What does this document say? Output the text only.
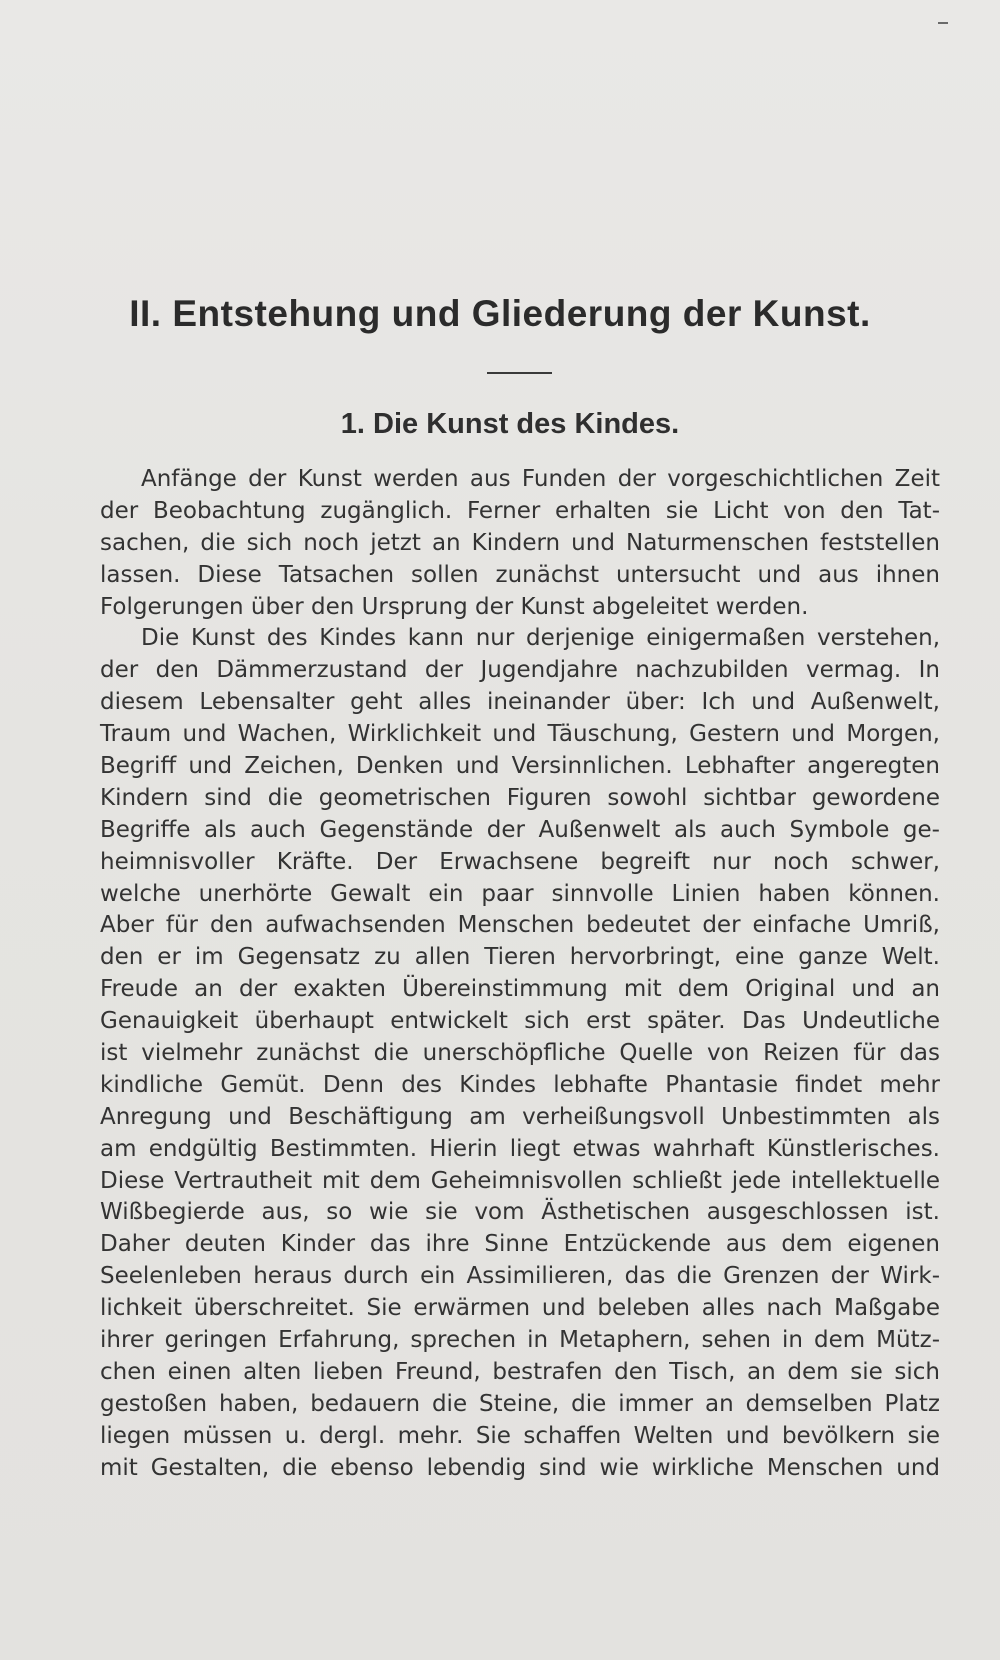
II. Entstehung und Gliederung der Kunst.
1. Die Kunst des Kindes.
Anfänge der Kunst werden aus Funden der vorgeschichtlichen Zeit
der Beobachtung zugänglich. Ferner erhalten sie Licht von den Tat-
sachen, die sich noch jetzt an Kindern und Naturmenschen feststellen
lassen. Diese Tatsachen sollen zunächst untersucht und aus ihnen
Folgerungen über den Ursprung der Kunst abgeleitet werden.
Die Kunst des Kindes kann nur derjenige einigermaßen verstehen,
der den Dämmerzustand der Jugendjahre nachzubilden vermag. In
diesem Lebensalter geht alles ineinander über: Ich und Außenwelt,
Traum und Wachen, Wirklichkeit und Täuschung, Gestern und Morgen,
Begriff und Zeichen, Denken und Versinnlichen. Lebhafter angeregten
Kindern sind die geometrischen Figuren sowohl sichtbar gewordene
Begriffe als auch Gegenstände der Außenwelt als auch Symbole ge-
heimnisvoller Kräfte. Der Erwachsene begreift nur noch schwer,
welche unerhörte Gewalt ein paar sinnvolle Linien haben können.
Aber für den aufwachsenden Menschen bedeutet der einfache Umriß,
den er im Gegensatz zu allen Tieren hervorbringt, eine ganze Welt.
Freude an der exakten Übereinstimmung mit dem Original und an
Genauigkeit überhaupt entwickelt sich erst später. Das Undeutliche
ist vielmehr zunächst die unerschöpfliche Quelle von Reizen für das
kindliche Gemüt. Denn des Kindes lebhafte Phantasie findet mehr
Anregung und Beschäftigung am verheißungsvoll Unbestimmten als
am endgültig Bestimmten. Hierin liegt etwas wahrhaft Künstlerisches.
Diese Vertrautheit mit dem Geheimnisvollen schließt jede intellektuelle
Wißbegierde aus, so wie sie vom Ästhetischen ausgeschlossen ist.
Daher deuten Kinder das ihre Sinne Entzückende aus dem eigenen
Seelenleben heraus durch ein Assimilieren, das die Grenzen der Wirk-
lichkeit überschreitet. Sie erwärmen und beleben alles nach Maßgabe
ihrer geringen Erfahrung, sprechen in Metaphern, sehen in dem Mütz-
chen einen alten lieben Freund, bestrafen den Tisch, an dem sie sich
gestoßen haben, bedauern die Steine, die immer an demselben Platz
liegen müssen u. dergl. mehr. Sie schaffen Welten und bevölkern sie
mit Gestalten, die ebenso lebendig sind wie wirkliche Menschen und
